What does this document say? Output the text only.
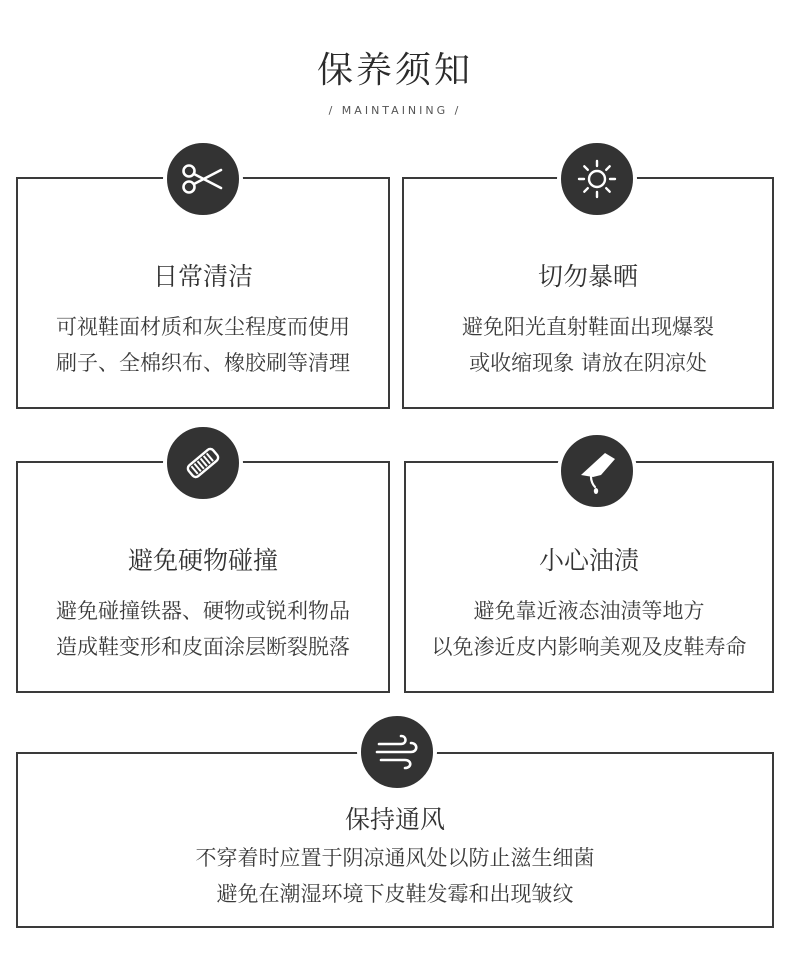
保养须知
/ MAINTAINING /
日常清洁
可视鞋面材质和灰尘程度而使用
刷子、全棉织布、橡胶刷等清理
切勿暴晒
避免阳光直射鞋面出现爆裂
或收缩现象 请放在阴凉处
避免硬物碰撞
避免碰撞铁器、硬物或锐利物品
造成鞋变形和皮面涂层断裂脱落
小心油渍
避免靠近液态油渍等地方
以免渗近皮内影响美观及皮鞋寿命
保持通风
不穿着时应置于阴凉通风处以防止滋生细菌
避免在潮湿环境下皮鞋发霉和出现皱纹
